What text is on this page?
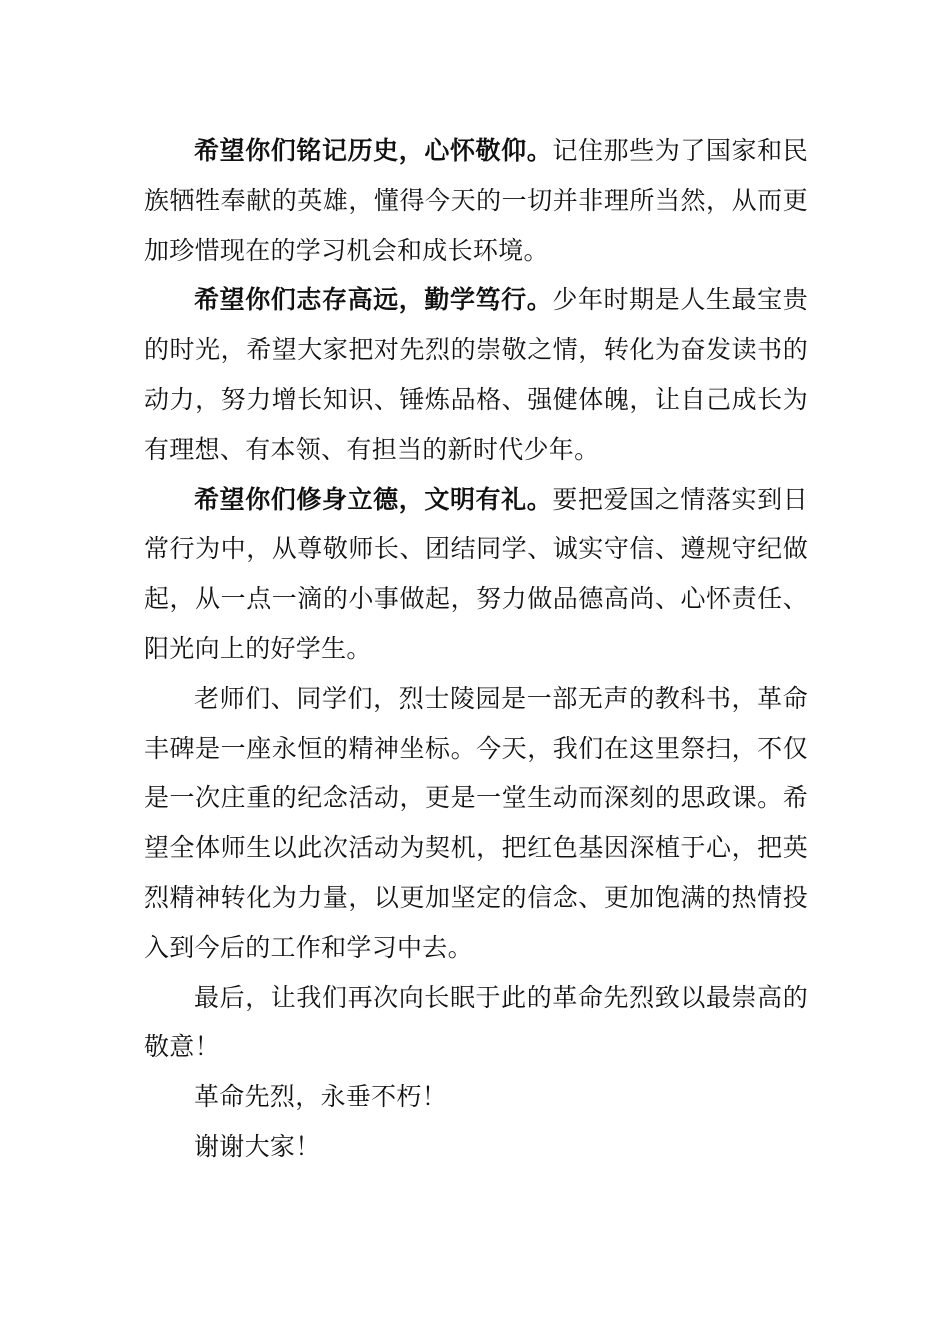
希望你们铭记历史，心怀敬仰。记住那些为了国家和民族牺牲奉献的英雄，懂得今天的一切并非理所当然，从而更加珍惜现在的学习机会和成长环境。

希望你们志存高远，勤学笃行。少年时期是人生最宝贵的时光，希望大家把对先烈的崇敬之情，转化为奋发读书的动力，努力增长知识、锤炼品格、强健体魄，让自己成长为有理想、有本领、有担当的新时代少年。

希望你们修身立德，文明有礼。要把爱国之情落实到日常行为中，从尊敬师长、团结同学、诚实守信、遵规守纪做起，从一点一滴的小事做起，努力做品德高尚、心怀责任、阳光向上的好学生。

老师们、同学们，烈士陵园是一部无声的教科书，革命丰碑是一座永恒的精神坐标。今天，我们在这里祭扫，不仅是一次庄重的纪念活动，更是一堂生动而深刻的思政课。希望全体师生以此次活动为契机，把红色基因深植于心，把英烈精神转化为力量，以更加坚定的信念、更加饱满的热情投入到今后的工作和学习中去。

最后，让我们再次向长眠于此的革命先烈致以最崇高的敬意！

革命先烈，永垂不朽！

谢谢大家！
